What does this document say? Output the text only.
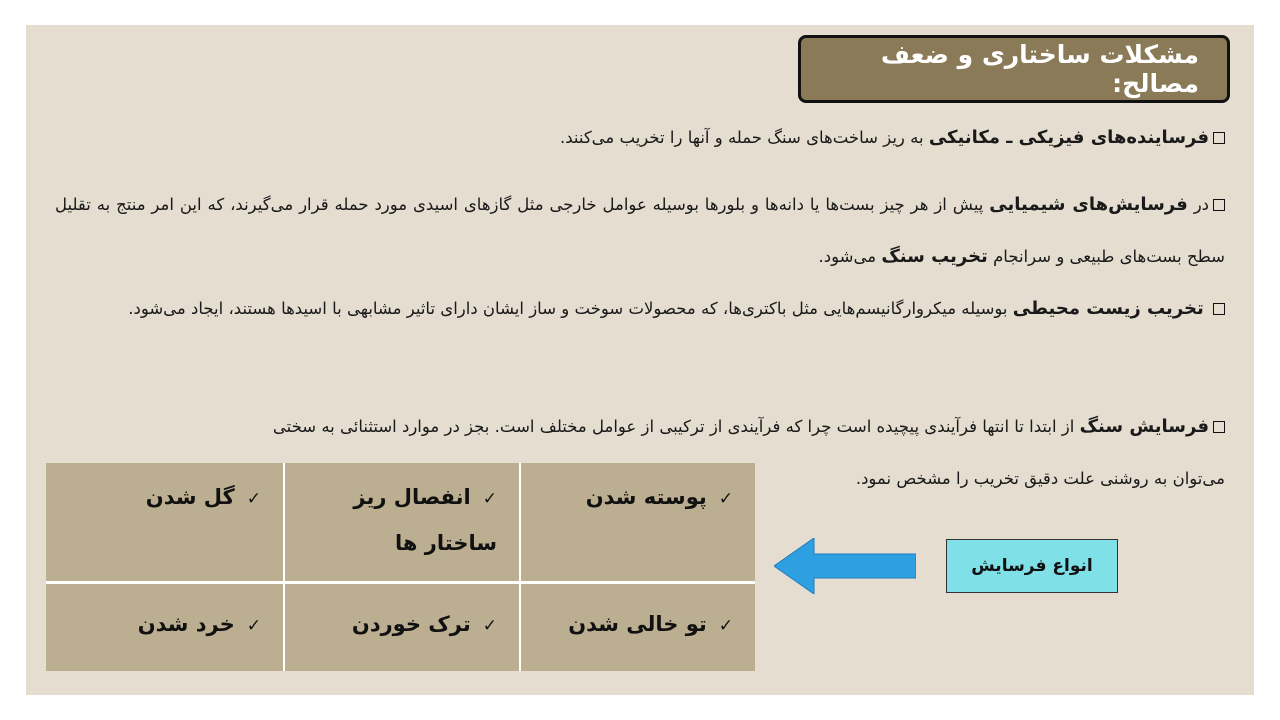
مشکلات ساختاری و ضعف مصالح:
فرساینده‌های فیزیکی ـ مکانیکی به ریز ساخت‌های سنگ حمله و آنها را تخریب می‌کنند.
در فرسایش‌های شیمیایی پیش از هر چیز بست‌ها یا دانه‌ها و بلورها بوسیله عوامل خارجی مثل گازهای اسیدی مورد حمله قرار می‌گیرند، که این امر منتج به تقلیل سطح بست‌های طبیعی و سرانجام تخریب سنگ می‌شود.
تخریب زیست محیطی بوسیله میکروارگانیسم‌هایی مثل باکتری‌ها، که محصولات سوخت و ساز ایشان دارای تاثیر مشابهی با اسیدها هستند، ایجاد می‌شود.
فرسایش سنگ از ابتدا تا انتها فرآیندی پیچیده است چرا که فرآیندی از ترکیبی از عوامل مختلف است. بجز در موارد استثنائی به سختی
می‌توان به روشنی علت دقیق تخریب را مشخص نمود.
✓پوسته شدن
✓انفصال ریز ساختار ها
✓گل شدن
✓تو خالی شدن
✓ترک خوردن
✓خرد شدن
انواع فرسایش
